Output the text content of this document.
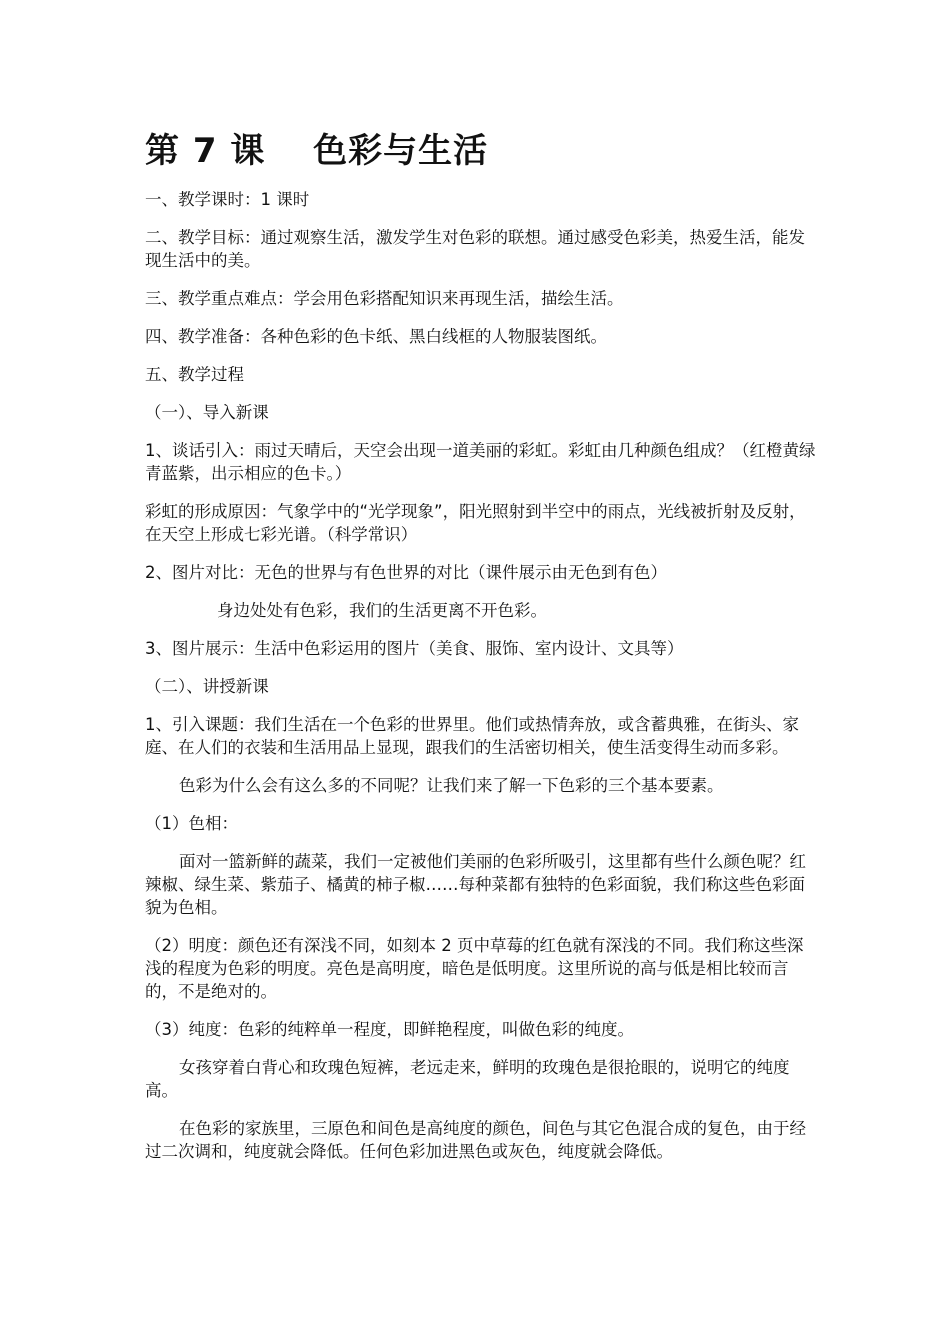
第 7 课　 色彩与生活

一、教学课时：1 课时

二、教学目标：通过观察生活，激发学生对色彩的联想。通过感受色彩美，热爱生活，能发现生活中的美。

三、教学重点难点：学会用色彩搭配知识来再现生活，描绘生活。

四、教学准备：各种色彩的色卡纸、黑白线框的人物服装图纸。

五、教学过程

（一）、导入新课

1、谈话引入：雨过天晴后，天空会出现一道美丽的彩虹。彩虹由几种颜色组成？（红橙黄绿青蓝紫，出示相应的色卡。）

彩虹的形成原因：气象学中的“光学现象”，阳光照射到半空中的雨点，光线被折射及反射，在天空上形成七彩光谱。（科学常识）

2、图片对比：无色的世界与有色世界的对比（课件展示由无色到有色）

身边处处有色彩，我们的生活更离不开色彩。

3、图片展示：生活中色彩运用的图片（美食、服饰、室内设计、文具等）

（二）、讲授新课

1、引入课题：我们生活在一个色彩的世界里。他们或热情奔放，或含蓄典雅，在街头、家庭、在人们的衣装和生活用品上显现，跟我们的生活密切相关，使生活变得生动而多彩。

色彩为什么会有这么多的不同呢？让我们来了解一下色彩的三个基本要素。

（1）色相：

面对一篮新鲜的蔬菜，我们一定被他们美丽的色彩所吸引，这里都有些什么颜色呢？红辣椒、绿生菜、紫茄子、橘黄的柿子椒……每种菜都有独特的色彩面貌，我们称这些色彩面貌为色相。

（2）明度：颜色还有深浅不同，如刻本 2 页中草莓的红色就有深浅的不同。我们称这些深浅的程度为色彩的明度。亮色是高明度，暗色是低明度。这里所说的高与低是相比较而言的，不是绝对的。

（3）纯度：色彩的纯粹单一程度，即鲜艳程度，叫做色彩的纯度。

女孩穿着白背心和玫瑰色短裤，老远走来，鲜明的玫瑰色是很抢眼的，说明它的纯度高。

在色彩的家族里，三原色和间色是高纯度的颜色，间色与其它色混合成的复色，由于经过二次调和，纯度就会降低。任何色彩加进黑色或灰色，纯度就会降低。
